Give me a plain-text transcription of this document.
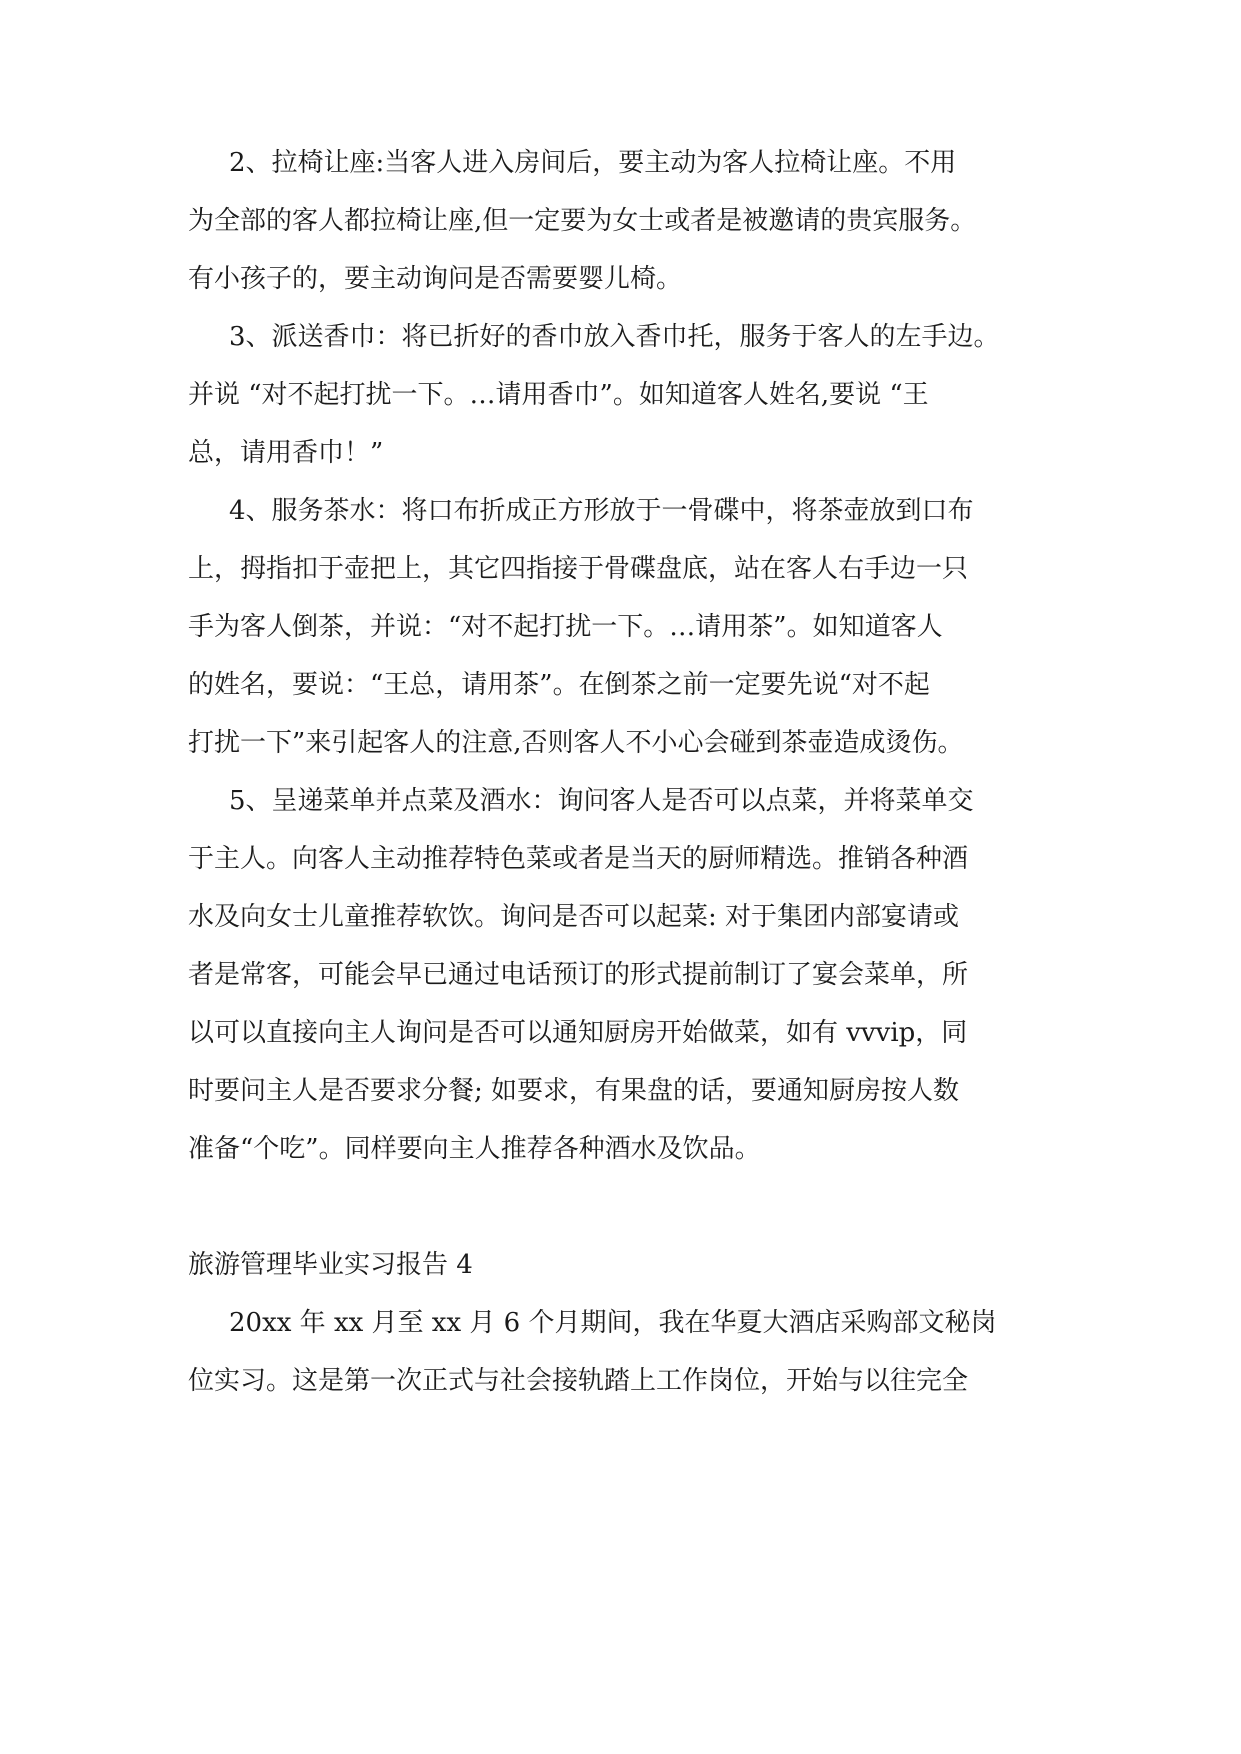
2、拉椅让座:当客人进入房间后，要主动为客人拉椅让座。不用
为全部的客人都拉椅让座,但一定要为女士或者是被邀请的贵宾服务。
有小孩子的，要主动询问是否需要婴儿椅。
3、派送香巾：将已折好的香巾放入香巾托，服务于客人的左手边。
并说 “对不起打扰一下。…请用香巾”。如知道客人姓名,要说 “王
总，请用香巾！”
4、服务茶水：将口布折成正方形放于一骨碟中，将茶壶放到口布
上，拇指扣于壶把上，其它四指接于骨碟盘底，站在客人右手边一只
手为客人倒茶，并说：“对不起打扰一下。…请用茶”。如知道客人
的姓名，要说：“王总，请用茶”。在倒茶之前一定要先说“对不起
打扰一下”来引起客人的注意,否则客人不小心会碰到茶壶造成烫伤。
5、呈递菜单并点菜及酒水：询问客人是否可以点菜，并将菜单交
于主人。向客人主动推荐特色菜或者是当天的厨师精选。推销各种酒
水及向女士儿童推荐软饮。询问是否可以起菜: 对于集团内部宴请或
者是常客，可能会早已通过电话预订的形式提前制订了宴会菜单，所
以可以直接向主人询问是否可以通知厨房开始做菜，如有 vvvip，同
时要问主人是否要求分餐; 如要求，有果盘的话，要通知厨房按人数
准备“个吃”。同样要向主人推荐各种酒水及饮品。
旅游管理毕业实习报告 4
20xx 年 xx 月至 xx 月 6 个月期间，我在华夏大酒店采购部文秘岗
位实习。这是第一次正式与社会接轨踏上工作岗位，开始与以往完全
